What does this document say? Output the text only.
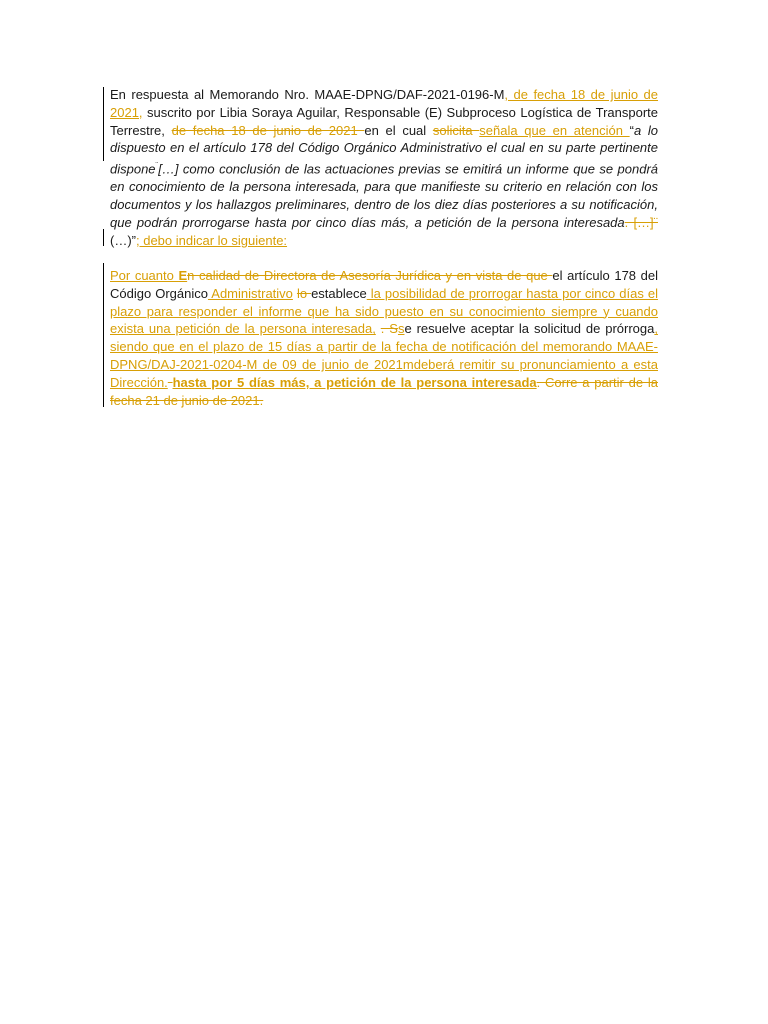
En respuesta al Memorando Nro. MAAE-DPNG/DAF-2021-0196-M, de fecha 18 de junio de 2021, suscrito por Libia Soraya Aguilar, Responsable (E) Subproceso Logística de Transporte Terrestre, de fecha 18 de junio de 2021 en el cual solicita señala que en atención “a lo dispuesto en el artículo 178 del Código Orgánico Administrativo el cual en su parte pertinente dispone¨[…] como conclusión de las actuaciones previas se emitirá un informe que se pondrá en conocimiento de la persona interesada, para que manifieste su criterio en relación con los documentos y los hallazgos preliminares, dentro de los diez días posteriores a su notificación, que podrán prorrogarse hasta por cinco días más, a petición de la persona interesada. […]¨ (…)”; debo indicar lo siguiente:

Por cuanto En calidad de Directora de Asesoría Jurídica y en vista de que el artículo 178 del Código Orgánico Administrativo lo establece la posibilidad de prorrogar hasta por cinco días el plazo para responder el informe que ha sido puesto en su conocimiento siempre y cuando exista una petición de la persona interesada, . Sse resuelve aceptar la solicitud de prórroga, siendo que en el plazo de 15 días a partir de la fecha de notificación del memorando MAAE-DPNG/DAJ-2021-0204-M de 09 de junio de 2021mdeberá remitir su pronunciamiento a esta Dirección. hasta por 5 días más, a petición de la persona interesada. Corre a partir de la fecha 21 de junio de 2021.
